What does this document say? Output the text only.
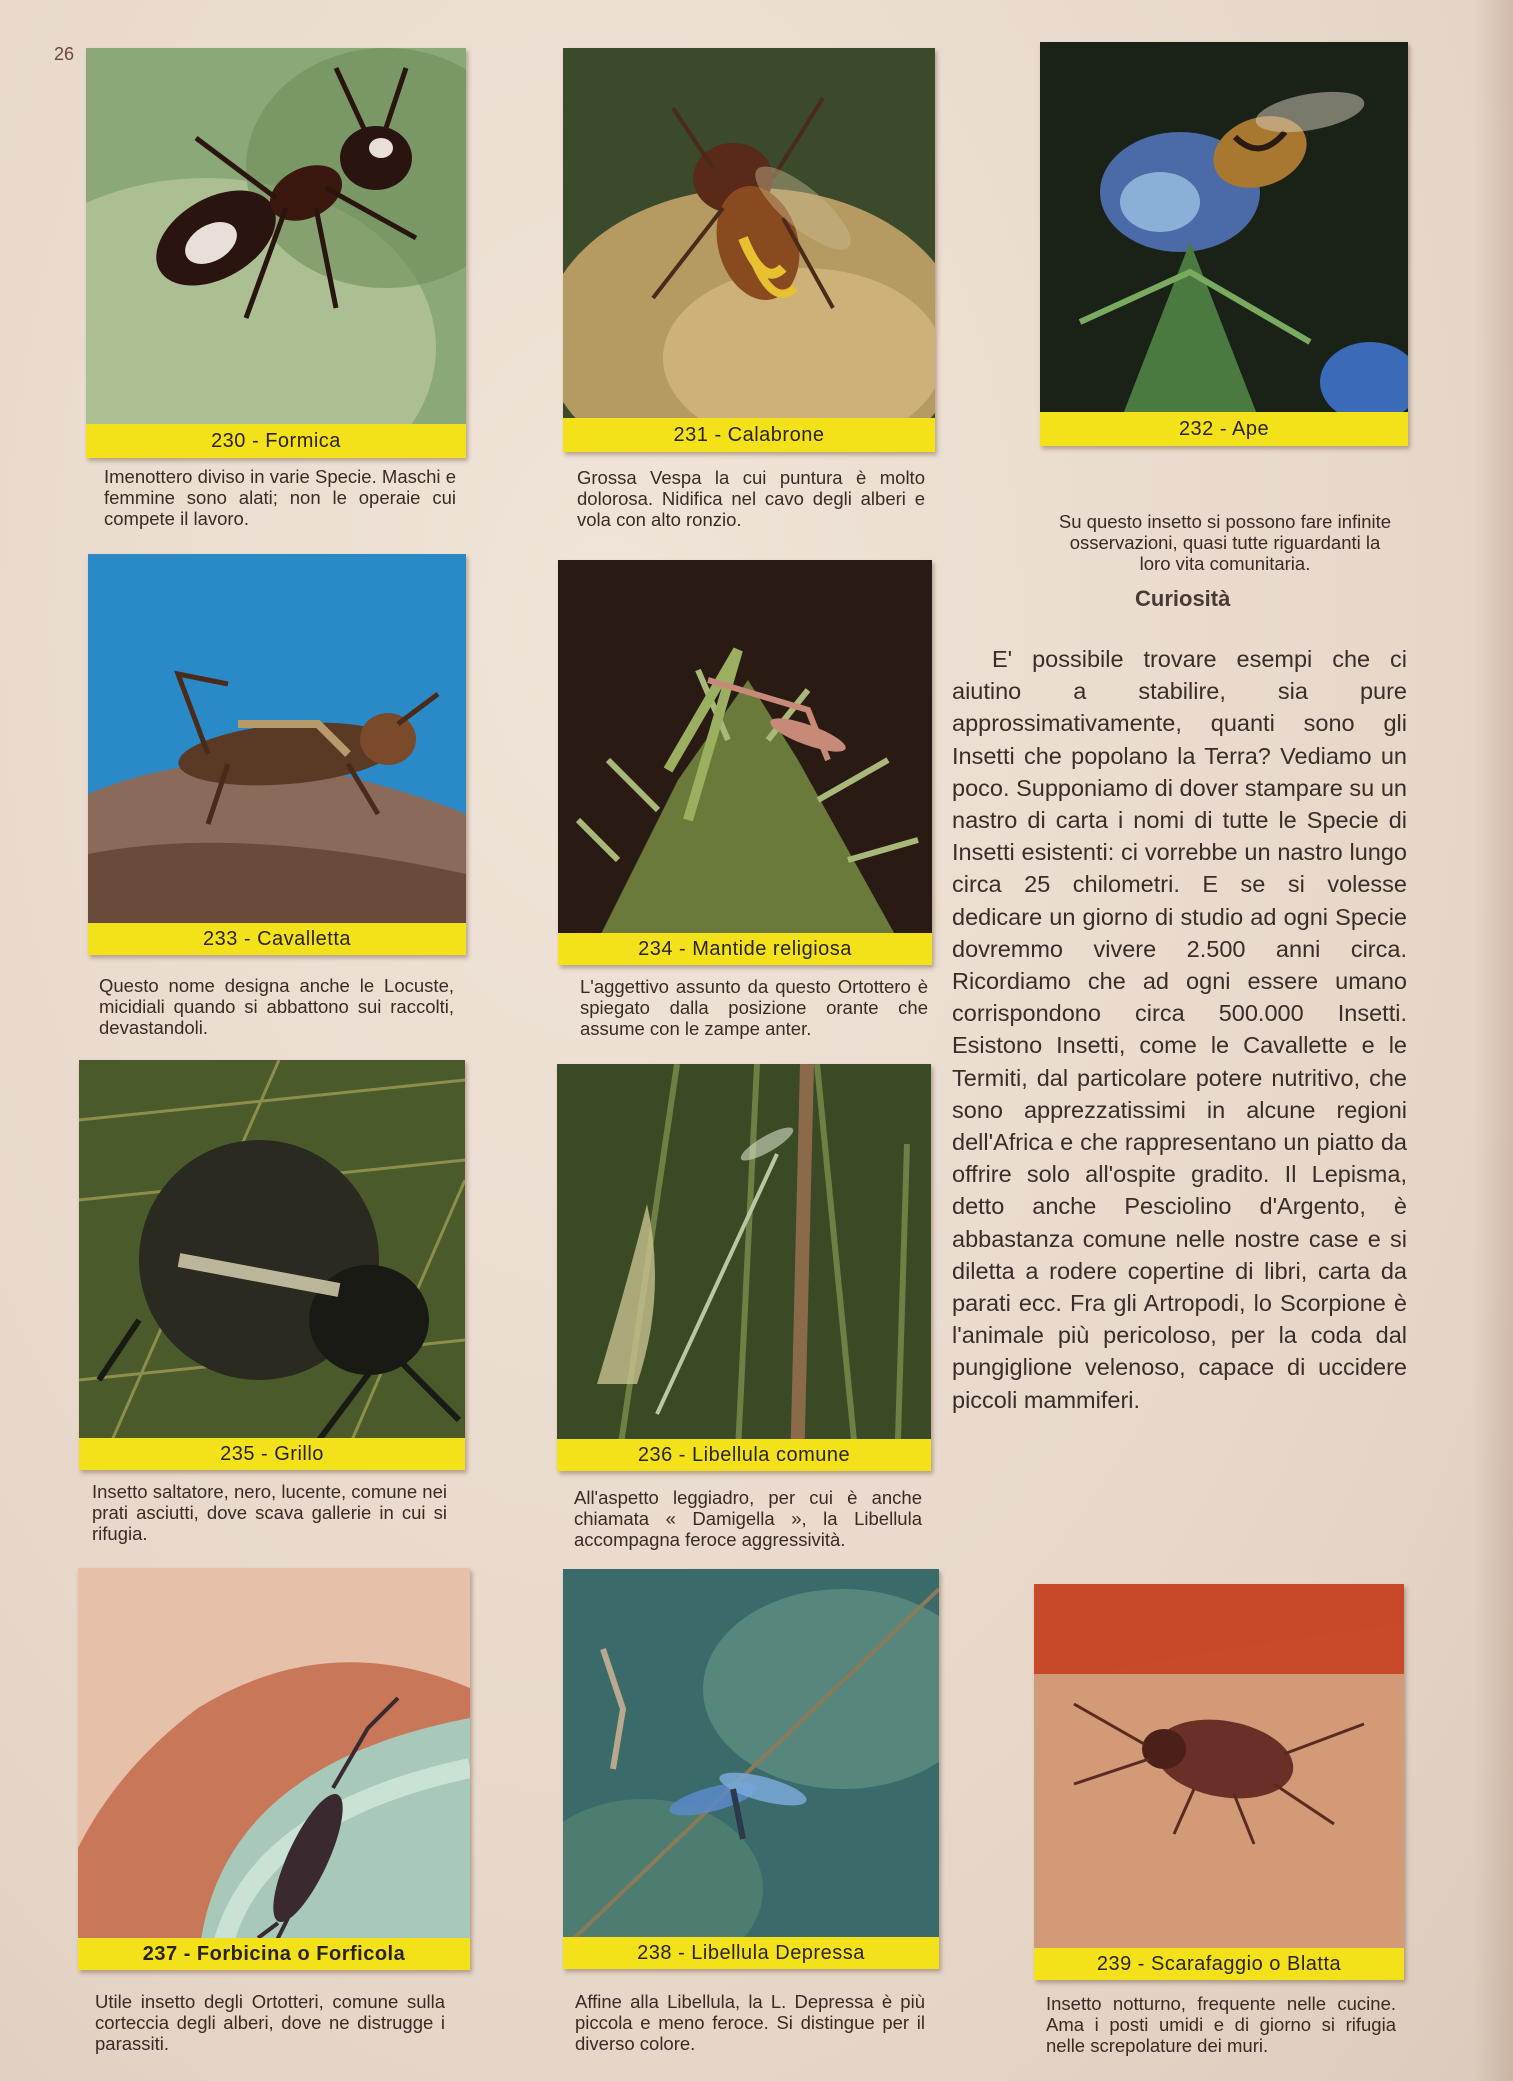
26
230 - Formica
Imenottero diviso in varie Specie. Maschi e femmine sono alati; non le operaie cui compete il lavoro.
231 - Calabrone
Grossa Vespa la cui puntura è molto dolorosa. Nidifica nel cavo degli alberi e vola con alto ronzio.
232 - Ape
Su questo insetto si possono fare infinite osservazioni, quasi tutte riguardanti la loro vita comunitaria.
233 - Cavalletta
Questo nome designa anche le Locuste, micidiali quando si abbattono sui raccolti, devastandoli.
234 - Mantide religiosa
L'aggettivo assunto da questo Ortottero è spiegato dalla posizione orante che assume con le zampe anter.
235 - Grillo
Insetto saltatore, nero, lucente, comune nei prati asciutti, dove scava gallerie in cui si rifugia.
236 - Libellula comune
All'aspetto leggiadro, per cui è anche chiamata « Damigella », la Libellula accompagna feroce aggressività.
237 - Forbicina o Forficola
Utile insetto degli Ortotteri, comune sulla corteccia degli alberi, dove ne distrugge i parassiti.
238 - Libellula Depressa
Affine alla Libellula, la L. Depressa è più piccola e meno feroce. Si distingue per il diverso colore.
239 - Scarafaggio o Blatta
Insetto notturno, frequente nelle cucine. Ama i posti umidi e di giorno si rifugia nelle screpolature dei muri.
Curiosità

E' possibile trovare esempi che ci aiutino a stabilire, sia pure approssimativamente, quanti sono gli Insetti che popolano la Terra? Vediamo un poco. Supponiamo di dover stampare su un nastro di carta i nomi di tutte le Specie di Insetti esistenti: ci vorrebbe un nastro lungo circa 25 chilometri. E se si volesse dedicare un giorno di studio ad ogni Specie dovremmo vivere 2.500 anni circa. Ricordiamo che ad ogni essere umano corrispondono circa 500.000 Insetti. Esistono Insetti, come le Cavallette e le Termiti, dal particolare potere nutritivo, che sono apprezzatissimi in alcune regioni dell'Africa e che rappresentano un piatto da offrire solo all'ospite gradito. Il Lepisma, detto anche Pesciolino d'Argento, è abbastanza comune nelle nostre case e si diletta a rodere copertine di libri, carta da parati ecc. Fra gli Artropodi, lo Scorpione è l'animale più pericoloso, per la coda dal pungiglione velenoso, capace di uccidere piccoli mammiferi.
